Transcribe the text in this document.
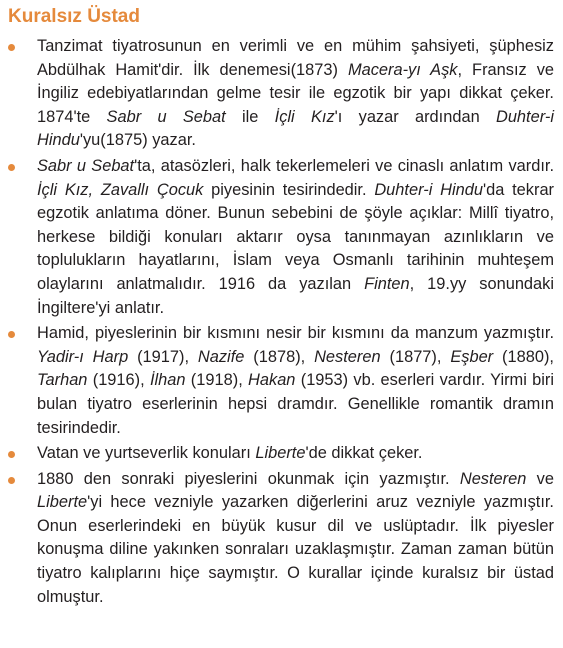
Kuralsız Üstad
Tanzimat tiyatrosunun en verimli ve en mühim şahsiyeti, şüphesiz Abdülhak Hamit'dir. İlk denemesi(1873) Macera-yı Aşk, Fransız ve İngiliz edebiyatlarından gelme tesir ile egzotik bir yapı dikkat çeker. 1874'te Sabr u Sebat ile İçli Kız'ı yazar ardından Duhter-i Hindu'yu(1875) yazar.
Sabr u Sebat'ta, atasözleri, halk tekerlemeleri ve cinaslı anlatım vardır. İçli Kız, Zavallı Çocuk piyesinin tesirindedir. Duhter-i Hindu'da tekrar egzotik anlatıma döner. Bunun sebebini de şöyle açıklar: Millî tiyatro, herkese bildiği konuları aktarır oysa tanınmayan azınlıkların ve toplulukların hayatlarını, İslam veya Osmanlı tarihinin muhteşem olaylarını anlatmalıdır. 1916 da yazılan Finten, 19.yy sonundaki İngiltere'yi anlatır.
Hamid, piyeslerinin bir kısmını nesir bir kısmını da manzum yazmıştır. Yadir-ı Harp (1917), Nazife (1878), Nesteren (1877), Eşber (1880), Tarhan (1916), İlhan (1918), Hakan (1953) vb. eserleri vardır. Yirmi biri bulan tiyatro eserlerinin hepsi dramdır. Genellikle romantik dramın tesirindedir.
Vatan ve yurtseverlik konuları Liberte'de dikkat çeker.
1880 den sonraki piyeslerini okunmak için yazmıştır. Nesteren ve Liberte'yi hece vezniyle yazarken diğerlerini aruz vezniyle yazmıştır. Onun eserlerindeki en büyük kusur dil ve uslüptadır. İlk piyesler konuşma diline yakınken sonraları uzaklaşmıştır. Zaman zaman bütün tiyatro kalıplarını hiçe saymıştır. O kurallar içinde kuralsız bir üstad olmuştur.
